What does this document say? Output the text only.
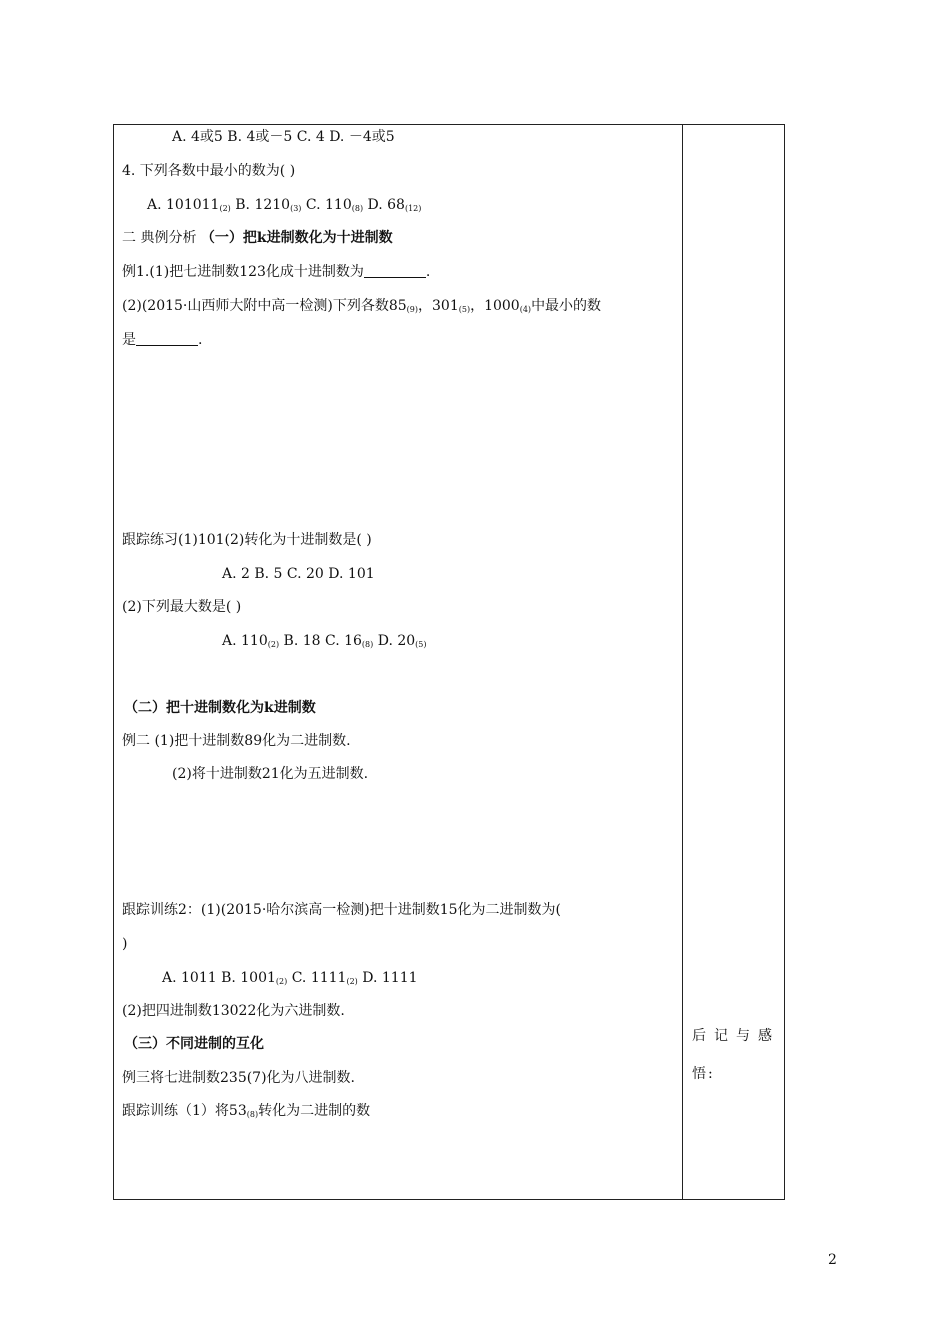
A. 4或5 B. 4或－5 C. 4 D. －4或5
4. 下列各数中最小的数为( )
A. $101011_{(2)}$ B. $1210_{(3)}$ C. $110_{(8)}$ D. $68_{(12)}$
二 典例分析 （一）把k进制数化为十进制数
例1.(1)把七进制数123化成十进制数为	.
(2)(2015·山西师大附中高一检测)下列各数$85_{(9)}$，$301_{(5)}$，$1000_{(4)}$中最小的数
是	.
跟踪练习(1)101(2)转化为十进制数是( )
A. 2 B. 5 C. 20 D. 101
(2)下列最大数是( )
A. $110_{(2)}$ B. 18 C. $16_{(8)}$ D. $20_{(5)}$
（二）把十进制数化为k进制数
例二 (1)把十进制数89化为二进制数.
(2)将十进制数21化为五进制数.
跟踪训练2：(1)(2015·哈尔滨高一检测)把十进制数15化为二进制数为(
)
A. 1011 B. $1001_{(2)}$ C. $1111_{(2)}$ D. 1111
(2)把四进制数13022化为六进制数.
（三）不同进制的互化
例三将七进制数235(7)化为八进制数.
跟踪训练（1）将$53_{(8)}$转化为二进制的数
后记与感
悟:
2
